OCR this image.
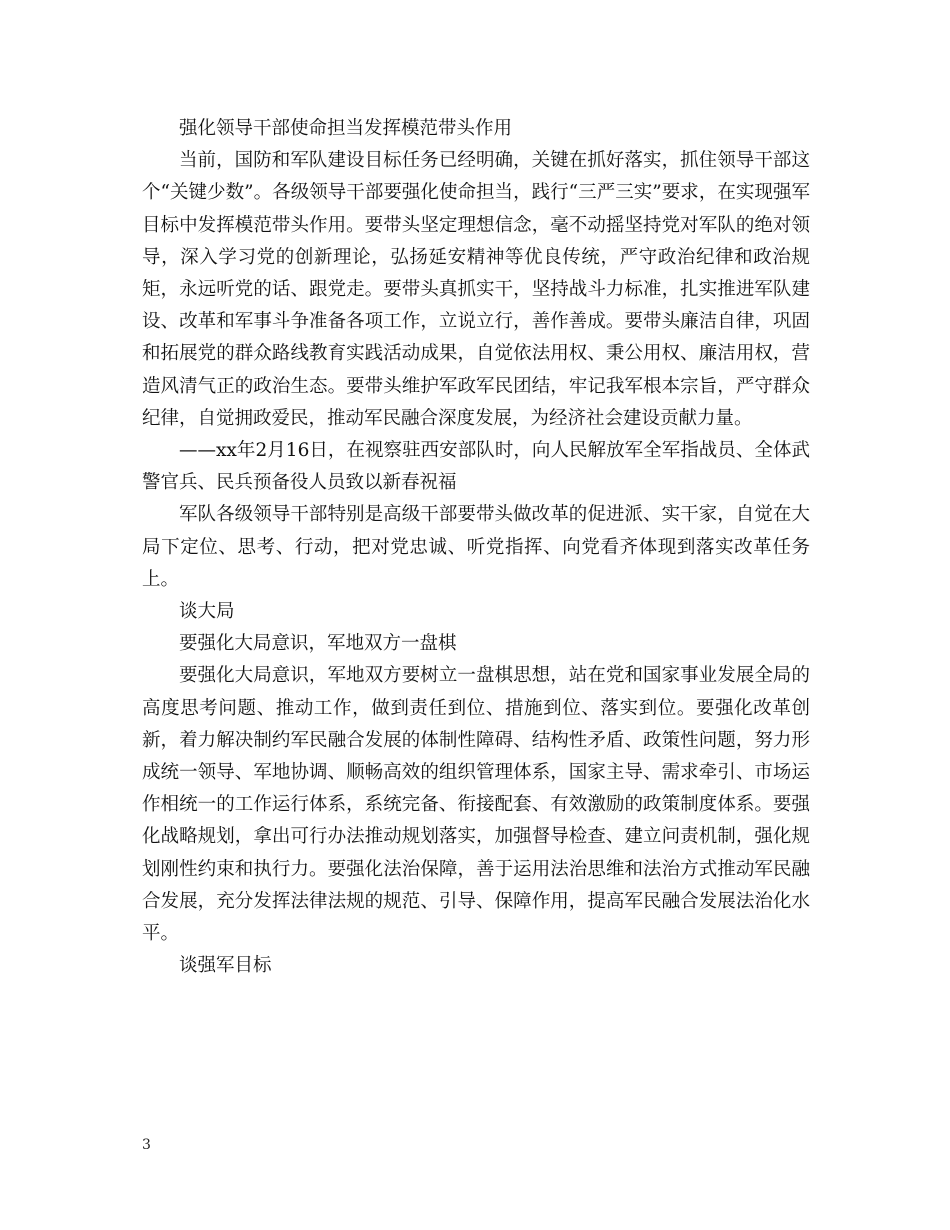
强化领导干部使命担当发挥模范带头作用

当前，国防和军队建设目标任务已经明确，关键在抓好落实，抓住领导干部这个“关键少数”。各级领导干部要强化使命担当，践行“三严三实”要求，在实现强军目标中发挥模范带头作用。要带头坚定理想信念，毫不动摇坚持党对军队的绝对领导，深入学习党的创新理论，弘扬延安精神等优良传统，严守政治纪律和政治规矩，永远听党的话、跟党走。要带头真抓实干，坚持战斗力标准，扎实推进军队建设、改革和军事斗争准备各项工作，立说立行，善作善成。要带头廉洁自律，巩固和拓展党的群众路线教育实践活动成果，自觉依法用权、秉公用权、廉洁用权，营造风清气正的政治生态。要带头维护军政军民团结，牢记我军根本宗旨，严守群众纪律，自觉拥政爱民，推动军民融合深度发展，为经济社会建设贡献力量。

——xx年2月16日，在视察驻西安部队时，向人民解放军全军指战员、全体武警官兵、民兵预备役人员致以新春祝福

军队各级领导干部特别是高级干部要带头做改革的促进派、实干家，自觉在大局下定位、思考、行动，把对党忠诚、听党指挥、向党看齐体现到落实改革任务上。

谈大局

要强化大局意识，军地双方一盘棋

要强化大局意识，军地双方要树立一盘棋思想，站在党和国家事业发展全局的高度思考问题、推动工作，做到责任到位、措施到位、落实到位。要强化改革创新，着力解决制约军民融合发展的体制性障碍、结构性矛盾、政策性问题，努力形成统一领导、军地协调、顺畅高效的组织管理体系，国家主导、需求牵引、市场运作相统一的工作运行体系，系统完备、衔接配套、有效激励的政策制度体系。要强化战略规划，拿出可行办法推动规划落实，加强督导检查、建立问责机制，强化规划刚性约束和执行力。要强化法治保障，善于运用法治思维和法治方式推动军民融合发展，充分发挥法律法规的规范、引导、保障作用，提高军民融合发展法治化水平。

谈强军目标

3
